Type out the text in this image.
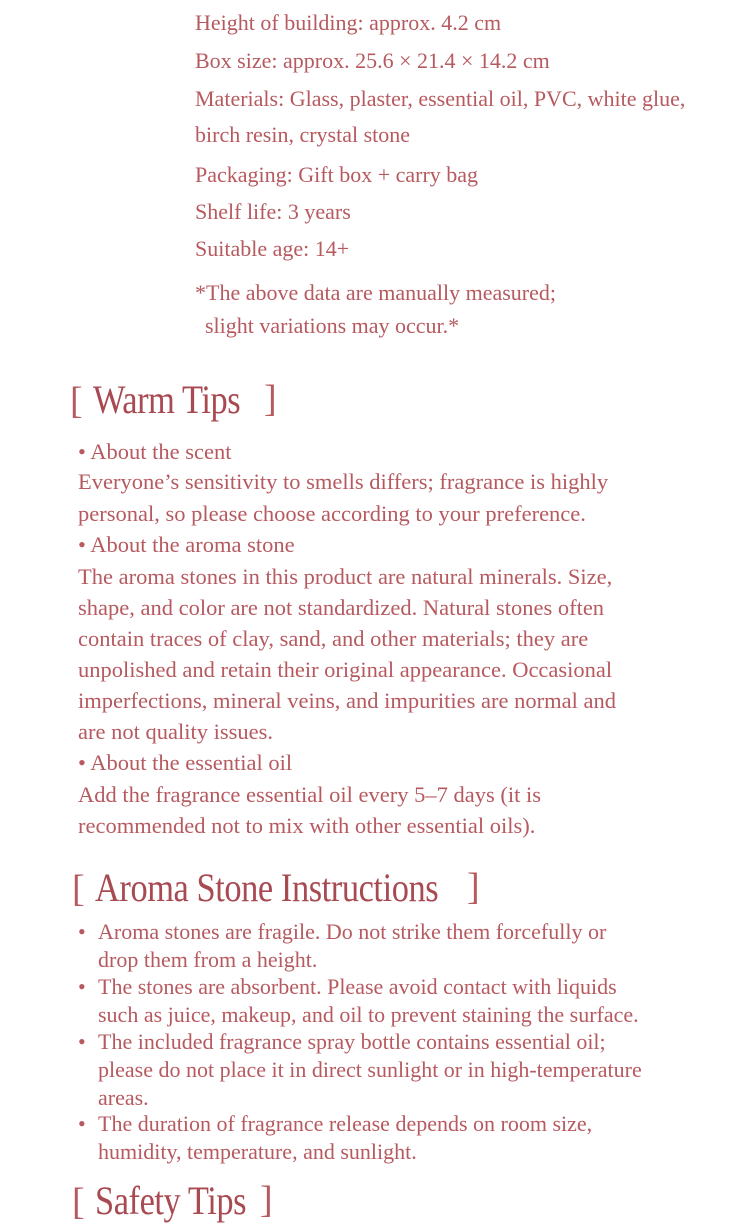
Height of building: approx. 4.2 cm
Box size: approx. 25.6 × 21.4 × 14.2 cm
Materials: Glass, plaster, essential oil, PVC, white glue,
birch resin, crystal stone
Packaging: Gift box + carry bag
Shelf life: 3 years
Suitable age: 14+
*The above data are manually measured;
slight variations may occur.*
[ Warm Tips ]
• About the scent
Everyone’s sensitivity to smells differs; fragrance is highly
personal, so please choose according to your preference.
• About the aroma stone
The aroma stones in this product are natural minerals. Size,
shape, and color are not standardized. Natural stones often
contain traces of clay, sand, and other materials; they are
unpolished and retain their original appearance. Occasional
imperfections, mineral veins, and impurities are normal and
are not quality issues.
• About the essential oil
Add the fragrance essential oil every 5–7 days (it is
recommended not to mix with other essential oils).
[ Aroma Stone Instructions ]
• Aroma stones are fragile. Do not strike them forcefully or
drop them from a height.
• The stones are absorbent. Please avoid contact with liquids
such as juice, makeup, and oil to prevent staining the surface.
• The included fragrance spray bottle contains essential oil;
please do not place it in direct sunlight or in high-temperature
areas.
• The duration of fragrance release depends on room size,
humidity, temperature, and sunlight.
[ Safety Tips ]
